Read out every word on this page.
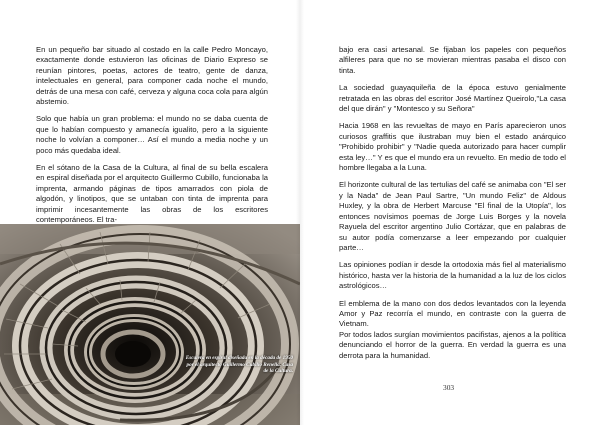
En un pequeño bar situado al costado en la calle Pedro Moncayo, exactamente donde estuvieron las oficinas de Diario Expreso se reunían pintores, poetas, actores de teatro, gente de danza, intelectuales en general, para componer cada noche el mundo, detrás de una mesa con café, cerveza y alguna coca cola para algún abstemio.

Solo que había un gran problema: el mundo no se daba cuenta de que lo habían compuesto y amanecía igualito, pero a la siguiente noche lo volvían a componer… Así el mundo a media noche y un poco más quedaba ideal.

En el sótano de la Casa de la Cultura, al final de su bella escalera en espiral diseñada por el arquitecto Guillermo Cubillo, funcionaba la imprenta, armando páginas de tipos amarrados con piola de algodón, y linotipos, que se untaban con tinta de imprenta para imprimir incesantemente las obras de los escritores contemporáneos. El tra-

Escalera en espiral diseñada en la década de 1950 por el arquitecto Guillermo Cubillo Renella. Casa de la Cultura.

bajo era casi artesanal. Se fijaban los papeles con pequeños alfileres para que no se movieran mientras pasaba el disco con tinta.

La sociedad guayaquileña de la época estuvo genialmente retratada en las obras del escritor José Martínez Queirolo,"La casa del que dirán" y "Montesco y su Señora"

Hacia 1968 en las revueltas de mayo en París aparecieron unos curiosos graffitis que ilustraban muy bien el estado anárquico "Prohibido prohibir" y "Nadie queda autorizado para hacer cumplir esta ley…" Y es que el mundo era un revuelto. En medio de todo el hombre llegaba a la Luna.

El horizonte cultural de las tertulias del café se animaba con "El ser y la Nada" de Jean Paul Sartre, "Un mundo Feliz" de Aldous Huxley, y la obra de Herbert Marcuse "El final de la Utopía", los entonces novísimos poemas de Jorge Luis Borges y la novela Rayuela del escritor argentino Julio Cortázar, que en palabras de su autor podía comenzarse a leer empezando por cualquier parte…

Las opiniones podían ir desde la ortodoxia más fiel al materialismo histórico, hasta ver la historia de la humanidad a la luz de los ciclos astrológicos…

El emblema de la mano con dos dedos levantados con la leyenda Amor y Paz recorría el mundo, en contraste con la guerra de Vietnam.

Por todos lados surgían movimientos pacifistas, ajenos a la política denunciando el horror de la guerra. En verdad la guerra es una derrota para la humanidad.

303
